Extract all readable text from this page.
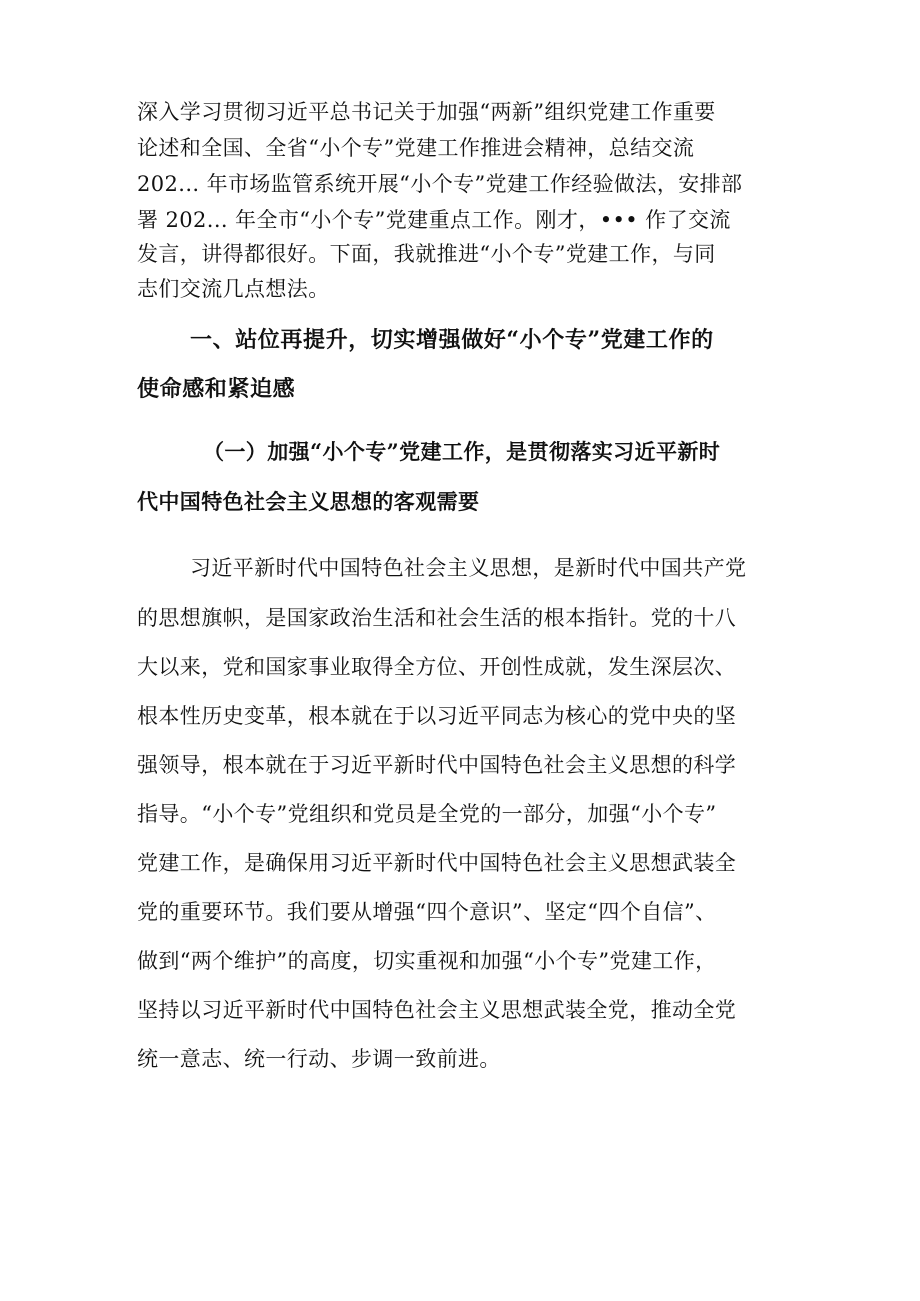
深入学习贯彻习近平总书记关于加强“两新”组织党建工作重要
论述和全国、全省“小个专”党建工作推进会精神，总结交流
202... 年市场监管系统开展“小个专”党建工作经验做法，安排部
署 202... 年全市“小个专”党建重点工作。刚才，••• 作了交流
发言，讲得都很好。下面，我就推进“小个专”党建工作，与同
志们交流几点想法。
一、站位再提升，切实增强做好“小个专”党建工作的
使命感和紧迫感
（一）加强“小个专”党建工作，是贯彻落实习近平新时
代中国特色社会主义思想的客观需要
习近平新时代中国特色社会主义思想，是新时代中国共产党
的思想旗帜，是国家政治生活和社会生活的根本指针。党的十八
大以来，党和国家事业取得全方位、开创性成就，发生深层次、
根本性历史变革，根本就在于以习近平同志为核心的党中央的坚
强领导，根本就在于习近平新时代中国特色社会主义思想的科学
指导。“小个专”党组织和党员是全党的一部分，加强“小个专”
党建工作，是确保用习近平新时代中国特色社会主义思想武装全
党的重要环节。我们要从增强“四个意识”、坚定“四个自信”、
做到“两个维护”的高度，切实重视和加强“小个专”党建工作，
坚持以习近平新时代中国特色社会主义思想武装全党，推动全党
统一意志、统一行动、步调一致前进。
